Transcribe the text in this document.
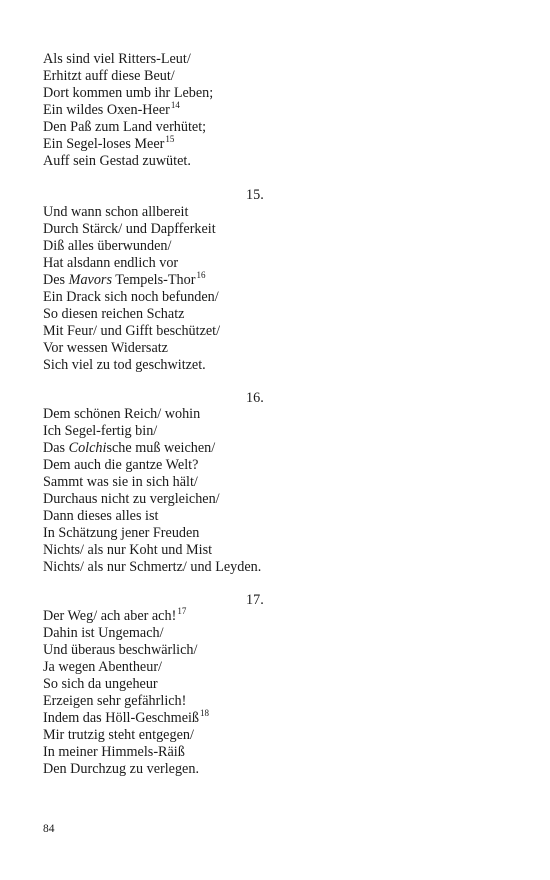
Als sind viel Ritters-Leut/
Erhitzt auff diese Beut/
Dort kommen umb ihr Leben;
Ein wildes Oxen-Heer$^{14}$
Den Paß zum Land verhütet;
Ein Segel-loses Meer$^{15}$
Auff sein Gestad zuwütet.
15.
Und wann schon allbereit
Durch Stärck/ und Dapfferkeit
Diß alles überwunden/
Hat alsdann endlich vor
Des Mavors Tempels-Thor$^{16}$
Ein Drack sich noch befunden/
So diesen reichen Schatz
Mit Feur/ und Gifft beschützet/
Vor wessen Widersatz
Sich viel zu tod geschwitzet.
16.
Dem schönen Reich/ wohin
Ich Segel-fertig bin/
Das Colchische muß weichen/
Dem auch die gantze Welt?
Sammt was sie in sich hält/
Durchaus nicht zu vergleichen/
Dann dieses alles ist
In Schätzung jener Freuden
Nichts/ als nur Koht und Mist
Nichts/ als nur Schmertz/ und Leyden.
17.
Der Weg/ ach aber ach!$^{17}$
Dahin ist Ungemach/
Und überaus beschwärlich/
Ja wegen Abentheur/
So sich da ungeheur
Erzeigen sehr gefährlich!
Indem das Höll-Geschmeiß$^{18}$
Mir trutzig steht entgegen/
In meiner Himmels-Räiß
Den Durchzug zu verlegen.
84
